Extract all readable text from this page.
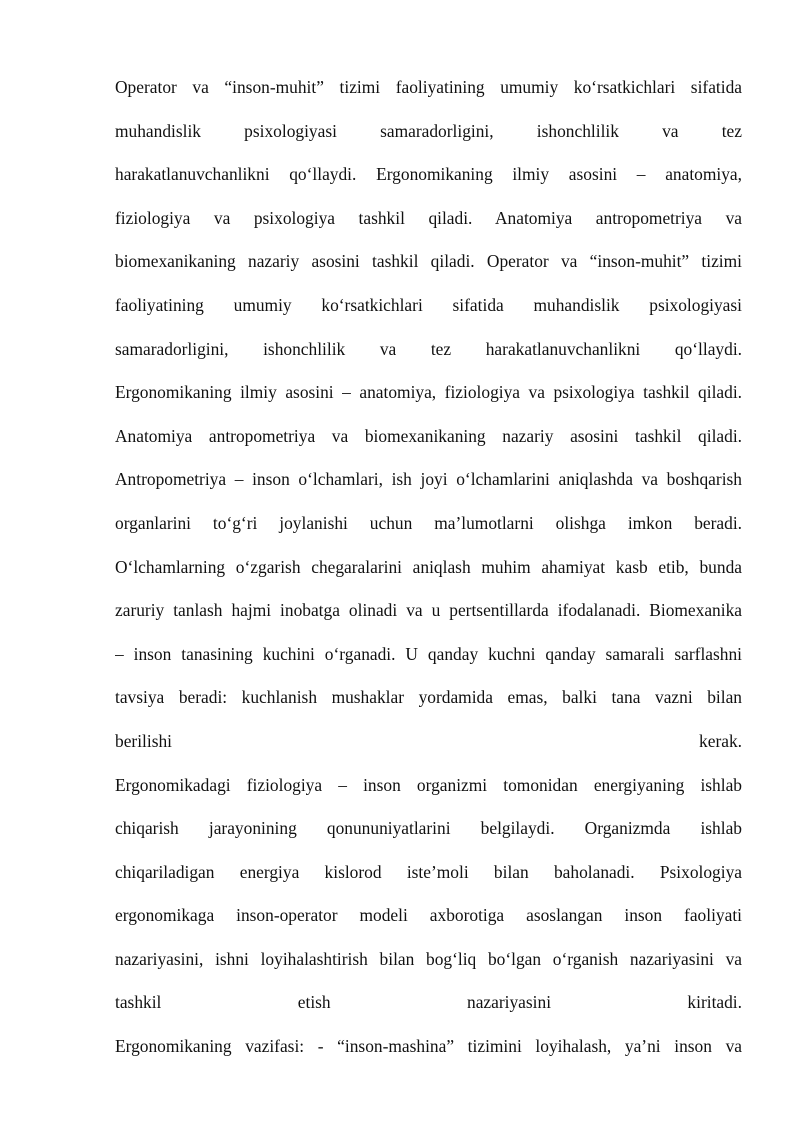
Operator va “inson-muhit” tizimi faoliyatining umumiy ko‘rsatkichlari sifatida
muhandislik psixologiyasi samaradorligini, ishonchlilik va tez
harakatlanuvchanlikni qo‘llaydi. Ergonomikaning ilmiy asosini – anatomiya,
fiziologiya va psixologiya tashkil qiladi. Anatomiya antropometriya va
biomexanikaning nazariy asosini tashkil qiladi. Operator va “inson-muhit” tizimi
faoliyatining umumiy ko‘rsatkichlari sifatida muhandislik psixologiyasi
samaradorligini, ishonchlilik va tez harakatlanuvchanlikni qo‘llaydi.
Ergonomikaning ilmiy asosini – anatomiya, fiziologiya va psixologiya tashkil qiladi.
Anatomiya antropometriya va biomexanikaning nazariy asosini tashkil qiladi.
Antropometriya – inson o‘lchamlari, ish joyi o‘lchamlarini aniqlashda va boshqarish
organlarini to‘g‘ri joylanishi uchun ma’lumotlarni olishga imkon beradi.
O‘lchamlarning o‘zgarish chegaralarini aniqlash muhim ahamiyat kasb etib, bunda
zaruriy tanlash hajmi inobatga olinadi va u pertsentillarda ifodalanadi. Biomexanika
– inson tanasining kuchini o‘rganadi. U qanday kuchni qanday samarali sarflashni
tavsiya beradi: kuchlanish mushaklar yordamida emas, balki tana vazni bilan
berilishi kerak.
Ergonomikadagi fiziologiya – inson organizmi tomonidan energiyaning ishlab
chiqarish jarayonining qonununiyatlarini belgilaydi. Organizmda ishlab
chiqariladigan energiya kislorod iste’moli bilan baholanadi. Psixologiya
ergonomikaga inson-operator modeli axborotiga asoslangan inson faoliyati
nazariyasini, ishni loyihalashtirish bilan bog‘liq bo‘lgan o‘rganish nazariyasini va
tashkil etish nazariyasini kiritadi.
Ergonomikaning vazifasi: - “inson-mashina” tizimini loyihalash, ya’ni inson va
